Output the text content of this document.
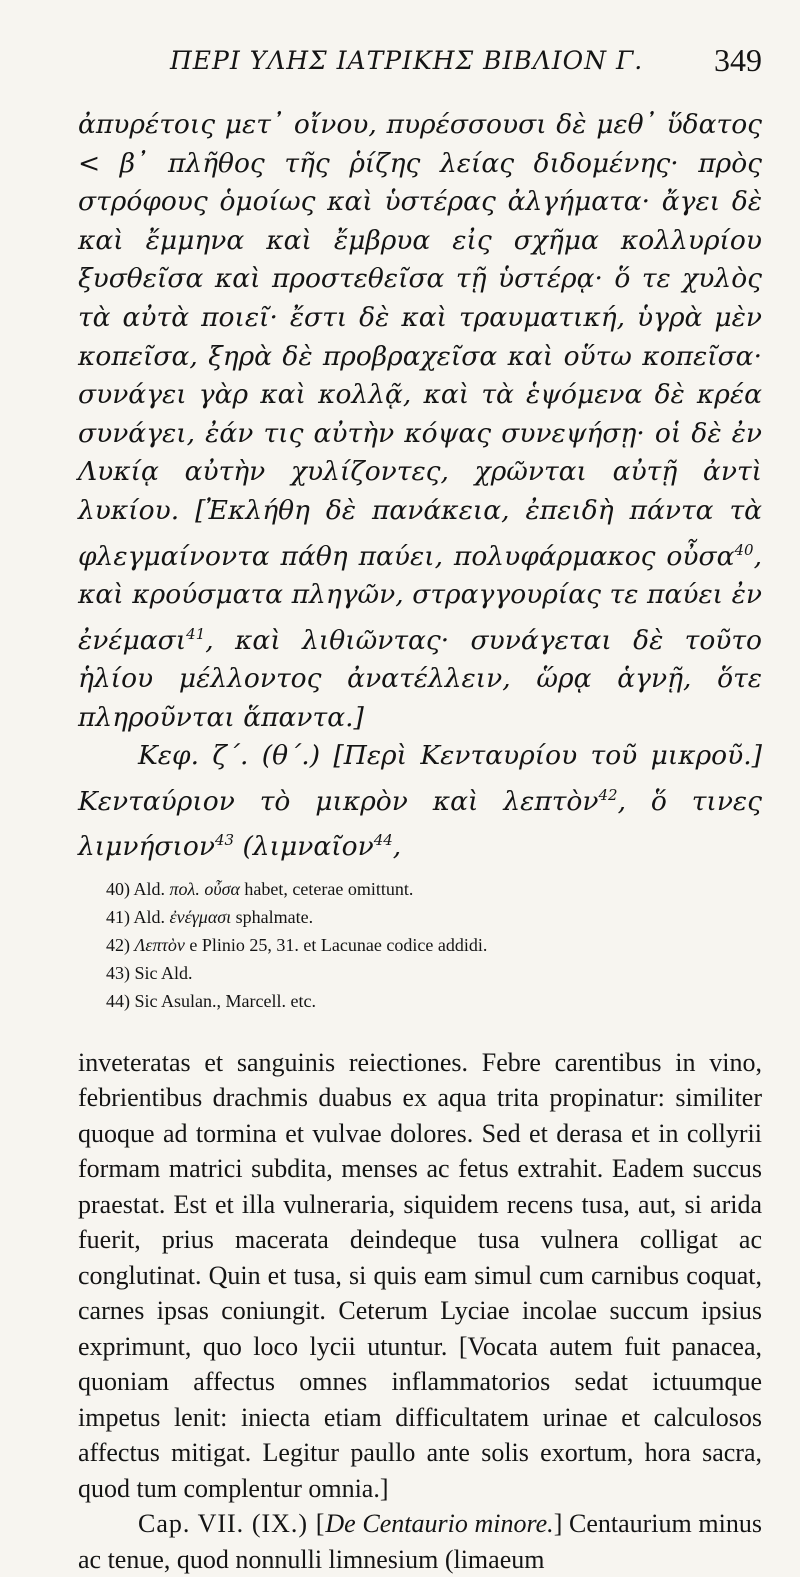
ΠΕΡΙ ΥΛΗΣ ΙΑΤΡΙΚΗΣ ΒΙΒΛΙΟΝ Γ. 349

ἀπυρέτοις μετ᾽ οἴνου, πυρέσσουσι δὲ μεθ᾽ ὕδατος < β᾽ πλῆθος τῆς ῥίζης λείας διδομένης· πρὸς στρόφους ὁμοίως καὶ ὑστέρας ἀλγήματα· ἄγει δὲ καὶ ἔμμηνα καὶ ἔμβρυα εἰς σχῆμα κολλυρίου ξυσθεῖσα καὶ προστεθεῖσα τῇ ὑστέρᾳ· ὅ τε χυλὸς τὰ αὐτὰ ποιεῖ· ἔστι δὲ καὶ τραυματική, ὑγρὰ μὲν κοπεῖσα, ξηρὰ δὲ προβραχεῖσα καὶ οὕτω κοπεῖσα· συνάγει γὰρ καὶ κολλᾷ, καὶ τὰ ἑψόμενα δὲ κρέα συνάγει, ἐάν τις αὐτὴν κόψας συνεψήσῃ· οἱ δὲ ἐν Λυκίᾳ αὐτὴν χυλίζοντες, χρῶνται αὐτῇ ἀντὶ λυκίου. [Ἐκλήθη δὲ πανάκεια, ἐπειδὴ πάντα τὰ φλεγμαίνοντα πάθη παύει, πολυφάρμακος οὖσα$^{40}$, καὶ κρούσματα πληγῶν, στραγγουρίας τε παύει ἐν ἐνέμασι$^{41}$, καὶ λιθιῶντας· συνάγεται δὲ τοῦτο ἡλίου μέλλοντος ἀνατέλλειν, ὥρᾳ ἁγνῇ, ὅτε πληροῦνται ἅπαντα.]
Κεφ. ζ΄. (θ΄.) [Περὶ Κενταυρίου τοῦ μικροῦ.] Κενταύριον τὸ μικρὸν καὶ λεπτὸν$^{42}$, ὅ τινες λιμνήσιον$^{43}$ (λιμναῖον$^{44}$,

40) Ald. πολ. οὖσα habet, ceterae omittunt.
41) Ald. ἐνέγμασι sphalmate.
42) Λεπτὸν e Plinio 25, 31. et Lacunae codice addidi.
43) Sic Ald.
44) Sic Asulan., Marcell. etc.

inveteratas et sanguinis reiectiones. Febre carentibus in vino, febrientibus drachmis duabus ex aqua trita propinatur: similiter quoque ad tormina et vulvae dolores. Sed et derasa et in collyrii formam matrici subdita, menses ac fetus extrahit. Eadem succus praestat. Est et illa vulneraria, siquidem recens tusa, aut, si arida fuerit, prius macerata deindeque tusa vulnera colligat ac conglutinat. Quin et tusa, si quis eam simul cum carnibus coquat, carnes ipsas coniungit. Ceterum Lyciae incolae succum ipsius exprimunt, quo loco lycii utuntur. [Vocata autem fuit panacea, quoniam affectus omnes inflammatorios sedat ictuumque impetus lenit: iniecta etiam difficultatem urinae et calculosos affectus mitigat. Legitur paullo ante solis exortum, hora sacra, quod tum complentur omnia.]
Cap. VII. (IX.) [De Centaurio minore.] Centaurium minus ac tenue, quod nonnulli limnesium (limaeum
